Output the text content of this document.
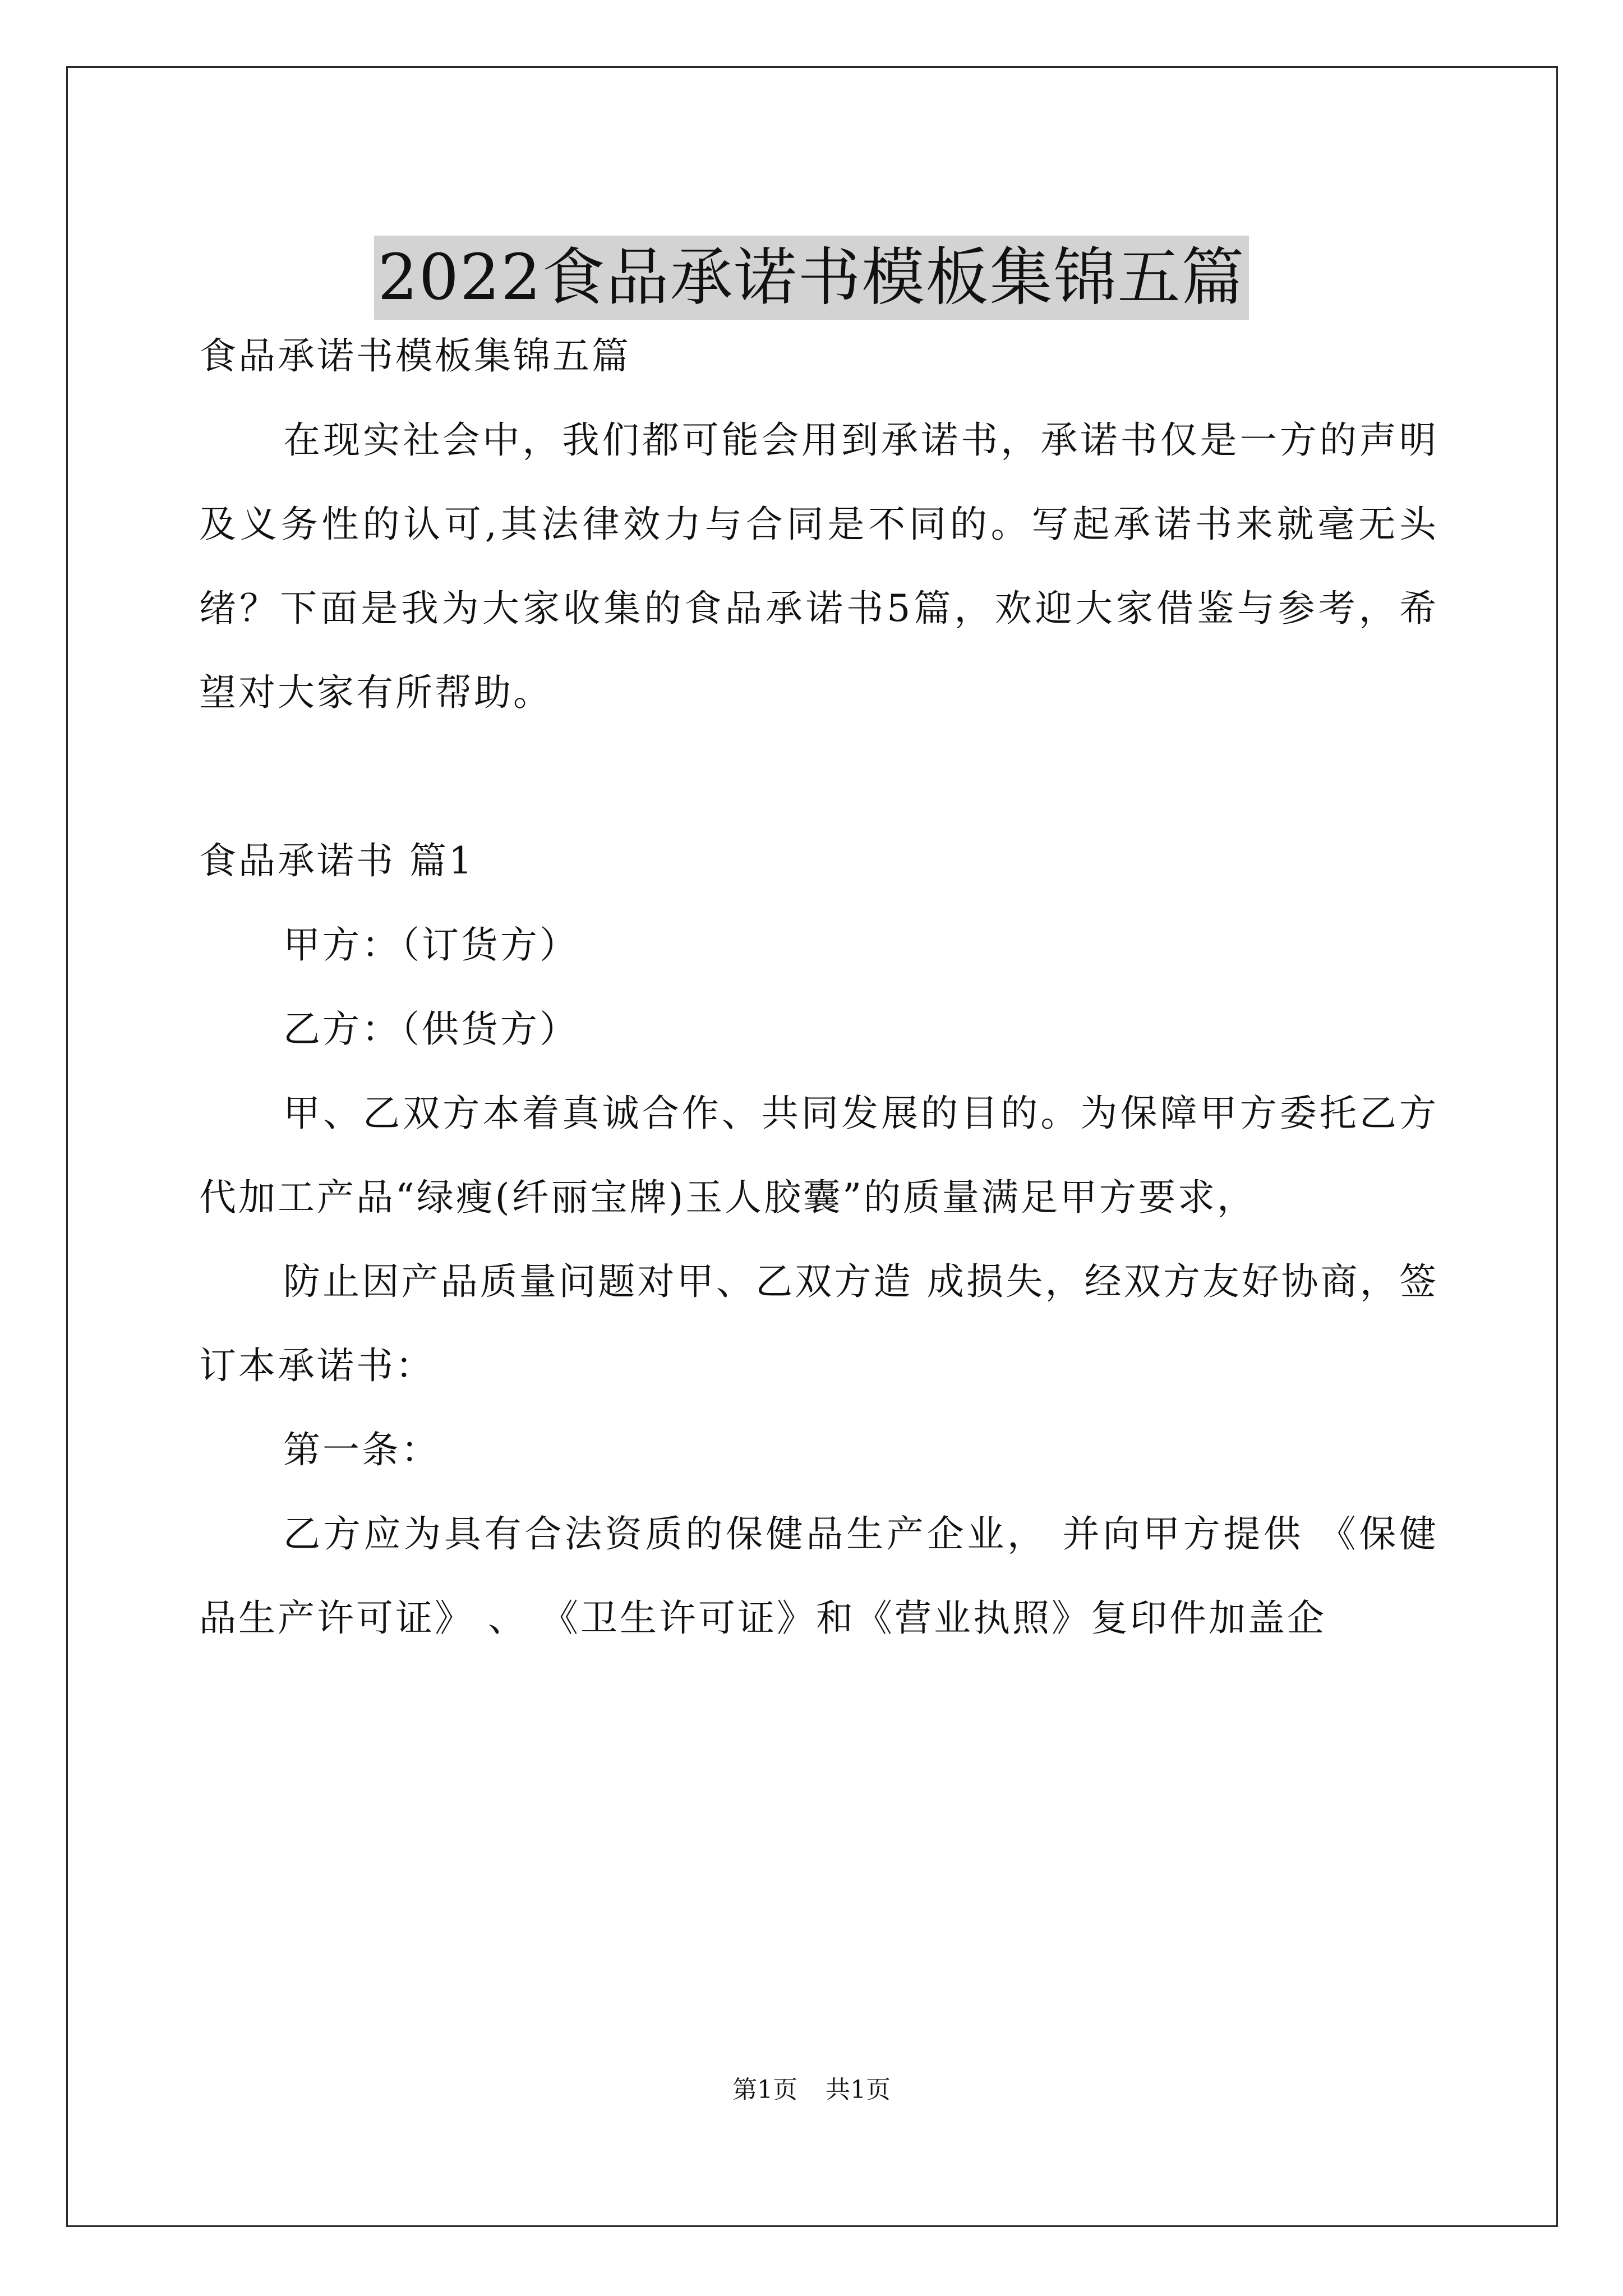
2022食品承诺书模板集锦五篇

食品承诺书模板集锦五篇

在现实社会中，我们都可能会用到承诺书，承诺书仅是一方的声明及义务性的认可,其法律效力与合同是不同的。写起承诺书来就毫无头绪？下面是我为大家收集的食品承诺书5篇，欢迎大家借鉴与参考，希望对大家有所帮助。

食品承诺书 篇1

甲方：（订货方）

乙方：（供货方）

甲、乙双方本着真诚合作、共同发展的目的。为保障甲方委托乙方代加工产品“绿瘦(纤丽宝牌)玉人胶囊”的质量满足甲方要求，

防止因产品质量问题对甲、乙双方造 成损失，经双方友好协商，签订本承诺书：

第一条：

乙方应为具有合法资质的保健品生产企业， 并向甲方提供 《保健品生产许可证》 、 《卫生许可证》和《营业执照》复印件加盖企

第1页 共1页
